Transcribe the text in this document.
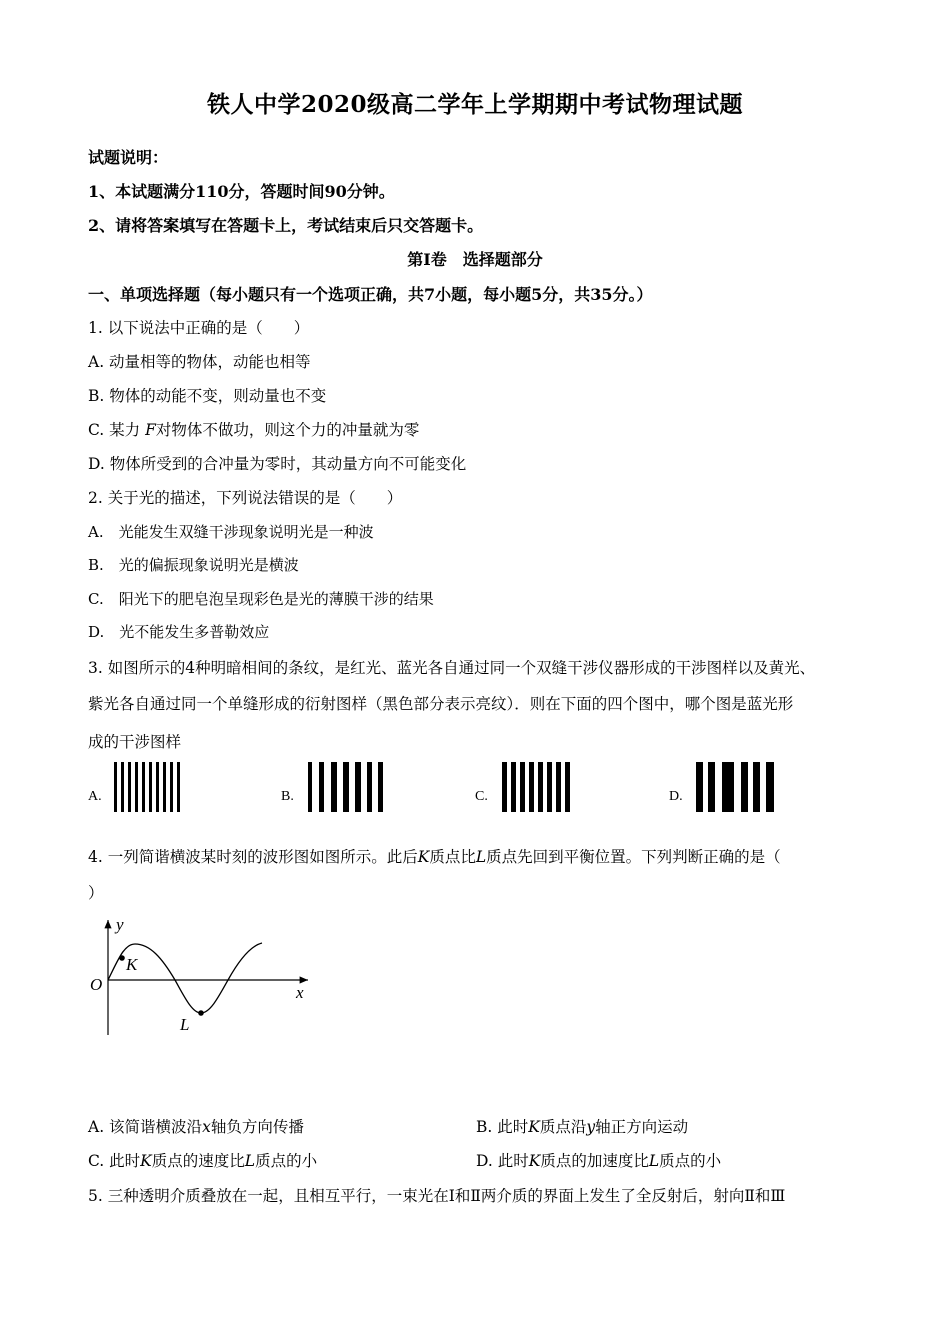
铁人中学2020级高二学年上学期期中考试物理试题
试题说明：
1、本试题满分110分，答题时间90分钟。
2、请将答案填写在答题卡上，考试结束后只交答题卡。
第Ⅰ卷　选择题部分
一、单项选择题（每小题只有一个选项正确，共7小题，每小题5分，共35分。）
1. 以下说法中正确的是（　　）
A. 动量相等的物体，动能也相等
B. 物体的动能不变，则动量也不变
C. 某力 F对物体不做功，则这个力的冲量就为零
D. 物体所受到的合冲量为零时，其动量方向不可能变化
2. 关于光的描述，下列说法错误的是（　　）
A.　光能发生双缝干涉现象说明光是一种波
B.　光的偏振现象说明光是横波
C.　阳光下的肥皂泡呈现彩色是光的薄膜干涉的结果
D.　光不能发生多普勒效应
3. 如图所示的4种明暗相间的条纹，是红光、蓝光各自通过同一个双缝干涉仪器形成的干涉图样以及黄光、
紫光各自通过同一个单缝形成的衍射图样（黑色部分表示亮纹）．则在下面的四个图中，哪个图是蓝光形
成的干涉图样
A.	B.	C.	D.
4. 一列简谐横波某时刻的波形图如图所示。此后K质点比L质点先回到平衡位置。下列判断正确的是（
）
y
x
O
K
L
A. 该简谐横波沿x轴负方向传播	B. 此时K质点沿y轴正方向运动
C. 此时K质点的速度比L质点的小	D. 此时K质点的加速度比L质点的小
5. 三种透明介质叠放在一起，且相互平行，一束光在Ⅰ和Ⅱ两介质的界面上发生了全反射后，射向Ⅱ和Ⅲ
